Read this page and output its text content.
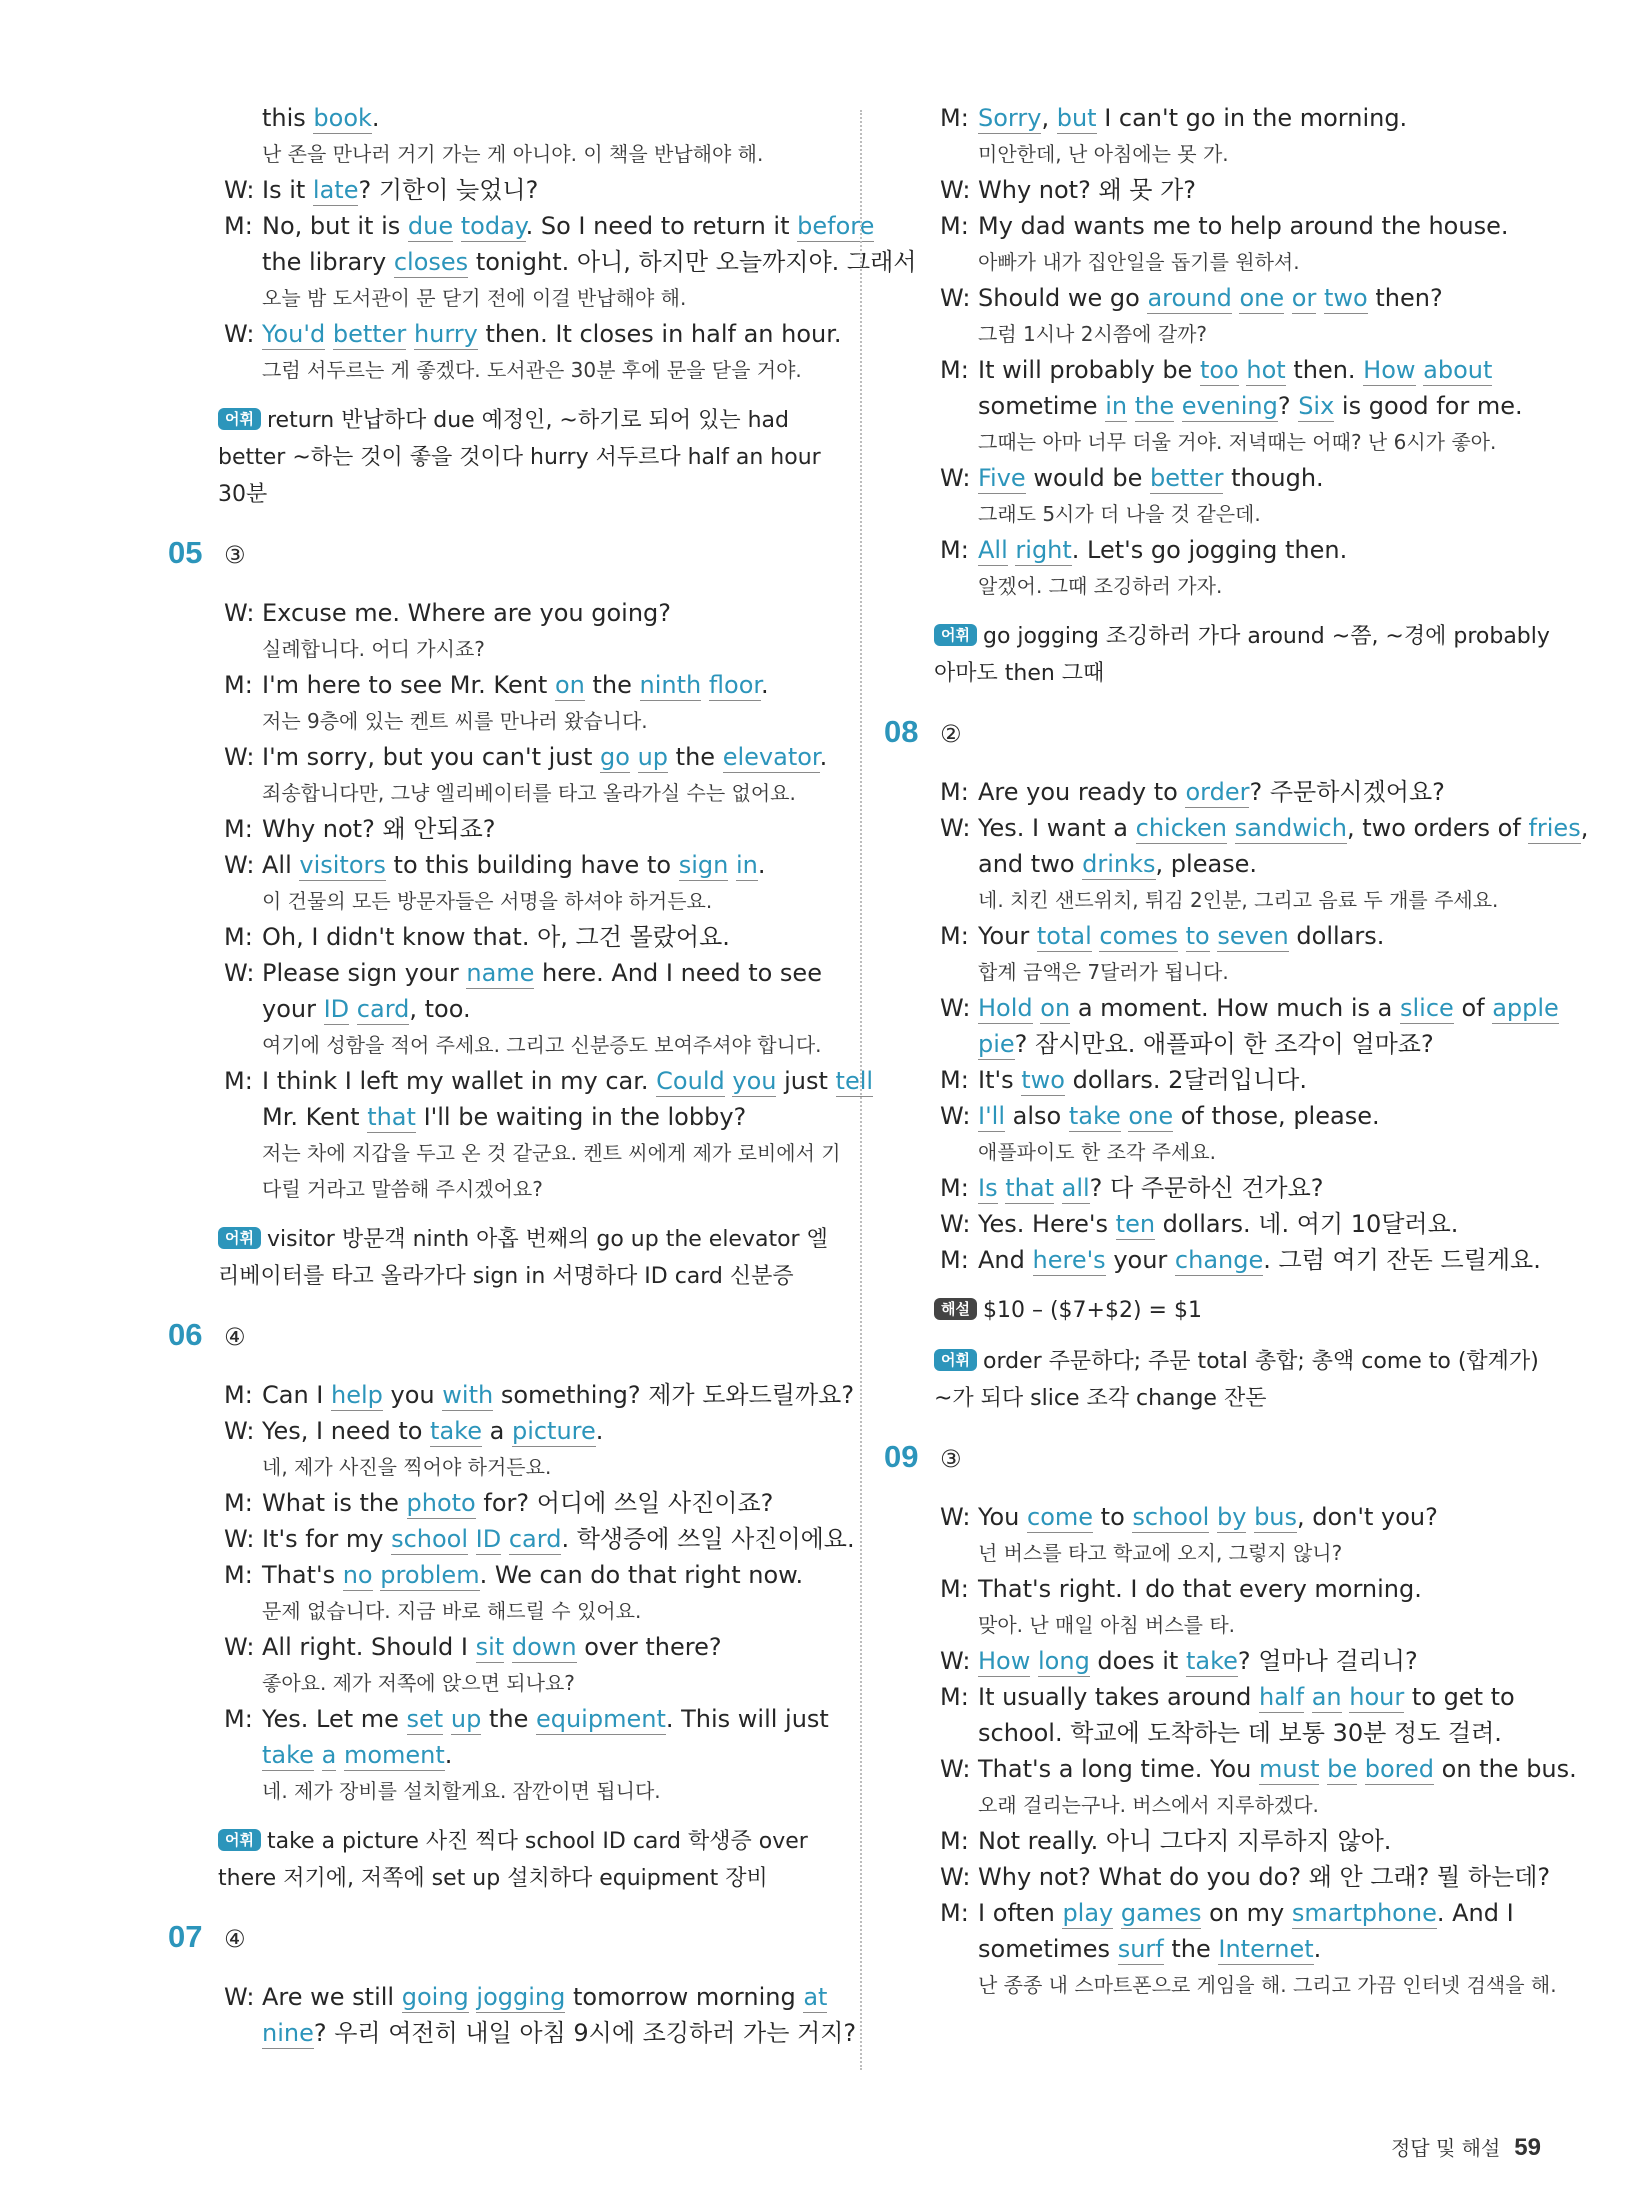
this book.
난 존을 만나러 거기 가는 게 아니야. 이 책을 반납해야 해.
W: Is it late? 기한이 늦었니?
M: No, but it is due today. So I need to return it before
the library closes tonight. 아니, 하지만 오늘까지야. 그래서
오늘 밤 도서관이 문 닫기 전에 이걸 반납해야 해.
W: You'd better hurry then. It closes in half an hour.
그럼 서두르는 게 좋겠다. 도서관은 30분 후에 문을 닫을 거야.
어휘 return 반납하다 due 예정인, ~하기로 되어 있는 had better ~하는 것이 좋을 것이다 hurry 서두르다 half an hour 30분
05 ③
W: Excuse me. Where are you going?
실례합니다. 어디 가시죠?
M: I'm here to see Mr. Kent on the ninth floor.
저는 9층에 있는 켄트 씨를 만나러 왔습니다.
W: I'm sorry, but you can't just go up the elevator.
죄송합니다만, 그냥 엘리베이터를 타고 올라가실 수는 없어요.
M: Why not? 왜 안되죠?
W: All visitors to this building have to sign in.
이 건물의 모든 방문자들은 서명을 하셔야 하거든요.
M: Oh, I didn't know that. 아, 그건 몰랐어요.
W: Please sign your name here. And I need to see
your ID card, too.
여기에 성함을 적어 주세요. 그리고 신분증도 보여주셔야 합니다.
M: I think I left my wallet in my car. Could you just tell
Mr. Kent that I'll be waiting in the lobby?
저는 차에 지갑을 두고 온 것 같군요. 켄트 씨에게 제가 로비에서 기
다릴 거라고 말씀해 주시겠어요?
어휘 visitor 방문객 ninth 아홉 번째의 go up the elevator 엘리베이터를 타고 올라가다 sign in 서명하다 ID card 신분증
06 ④
M: Can I help you with something? 제가 도와드릴까요?
W: Yes, I need to take a picture.
네, 제가 사진을 찍어야 하거든요.
M: What is the photo for? 어디에 쓰일 사진이죠?
W: It's for my school ID card. 학생증에 쓰일 사진이에요.
M: That's no problem. We can do that right now.
문제 없습니다. 지금 바로 해드릴 수 있어요.
W: All right. Should I sit down over there?
좋아요. 제가 저쪽에 앉으면 되나요?
M: Yes. Let me set up the equipment. This will just
take a moment.
네. 제가 장비를 설치할게요. 잠깐이면 됩니다.
어휘 take a picture 사진 찍다 school ID card 학생증 over there 저기에, 저쪽에 set up 설치하다 equipment 장비
07 ④
W: Are we still going jogging tomorrow morning at
nine? 우리 여전히 내일 아침 9시에 조깅하러 가는 거지?
M: Sorry, but I can't go in the morning.
미안한데, 난 아침에는 못 가.
W: Why not? 왜 못 가?
M: My dad wants me to help around the house.
아빠가 내가 집안일을 돕기를 원하셔.
W: Should we go around one or two then?
그럼 1시나 2시쯤에 갈까?
M: It will probably be too hot then. How about
sometime in the evening? Six is good for me.
그때는 아마 너무 더울 거야. 저녁때는 어때? 난 6시가 좋아.
W: Five would be better though.
그래도 5시가 더 나을 것 같은데.
M: All right. Let's go jogging then.
알겠어. 그때 조깅하러 가자.
어휘 go jogging 조깅하러 가다 around ~쯤, ~경에 probably 아마도 then 그때
08 ②
M: Are you ready to order? 주문하시겠어요?
W: Yes. I want a chicken sandwich, two orders of fries,
and two drinks, please.
네. 치킨 샌드위치, 튀김 2인분, 그리고 음료 두 개를 주세요.
M: Your total comes to seven dollars.
합계 금액은 7달러가 됩니다.
W: Hold on a moment. How much is a slice of apple
pie? 잠시만요. 애플파이 한 조각이 얼마죠?
M: It's two dollars. 2달러입니다.
W: I'll also take one of those, please.
애플파이도 한 조각 주세요.
M: Is that all? 다 주문하신 건가요?
W: Yes. Here's ten dollars. 네. 여기 10달러요.
M: And here's your change. 그럼 여기 잔돈 드릴게요.
해설 $10 – ($7+$2) = $1
어휘 order 주문하다; 주문 total 총합; 총액 come to (합계가) ~가 되다 slice 조각 change 잔돈
09 ③
W: You come to school by bus, don't you?
넌 버스를 타고 학교에 오지, 그렇지 않니?
M: That's right. I do that every morning.
맞아. 난 매일 아침 버스를 타.
W: How long does it take? 얼마나 걸리니?
M: It usually takes around half an hour to get to
school. 학교에 도착하는 데 보통 30분 정도 걸려.
W: That's a long time. You must be bored on the bus.
오래 걸리는구나. 버스에서 지루하겠다.
M: Not really. 아니 그다지 지루하지 않아.
W: Why not? What do you do? 왜 안 그래? 뭘 하는데?
M: I often play games on my smartphone. And I
sometimes surf the Internet.
난 종종 내 스마트폰으로 게임을 해. 그리고 가끔 인터넷 검색을 해.
정답 및 해설 59
